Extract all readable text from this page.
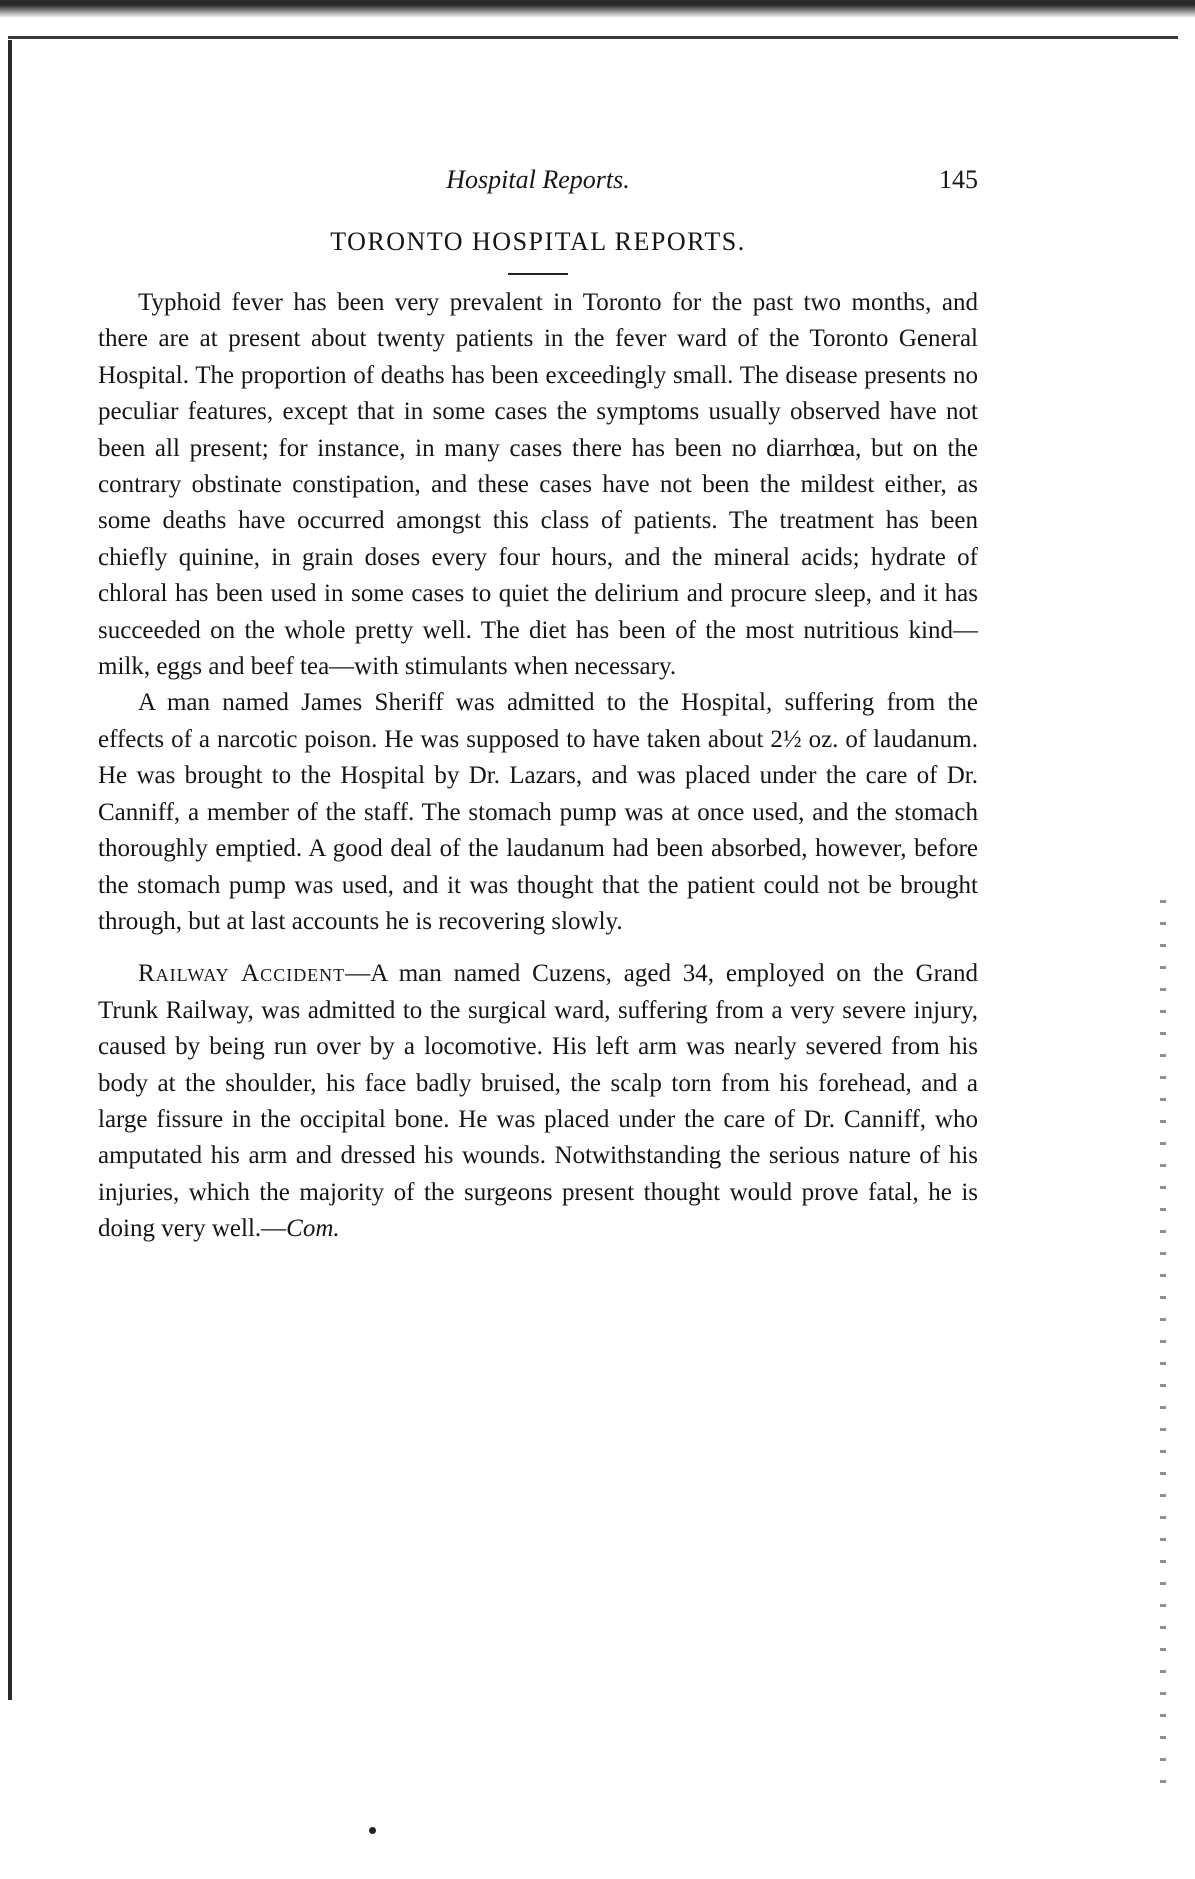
Hospital Reports.	145
TORONTO HOSPITAL REPORTS.

Typhoid fever has been very prevalent in Toronto for the past two months, and there are at present about twenty patients in the fever ward of the Toronto General Hospital. The proportion of deaths has been exceedingly small. The disease presents no peculiar features, except that in some cases the symptoms usually observed have not been all present; for instance, in many cases there has been no diarrhœa, but on the contrary obstinate constipation, and these cases have not been the mildest either, as some deaths have occurred amongst this class of patients. The treatment has been chiefly quinine, in grain doses every four hours, and the mineral acids; hydrate of chloral has been used in some cases to quiet the delirium and procure sleep, and it has succeeded on the whole pretty well. The diet has been of the most nutritious kind—milk, eggs and beef tea—with stimulants when necessary.

A man named James Sheriff was admitted to the Hospital, suffering from the effects of a narcotic poison. He was supposed to have taken about 2½ oz. of laudanum. He was brought to the Hospital by Dr. Lazars, and was placed under the care of Dr. Canniff, a member of the staff. The stomach pump was at once used, and the stomach thoroughly emptied. A good deal of the laudanum had been absorbed, however, before the stomach pump was used, and it was thought that the patient could not be brought through, but at last accounts he is recovering slowly.

Railway Accident—A man named Cuzens, aged 34, employed on the Grand Trunk Railway, was admitted to the surgical ward, suffering from a very severe injury, caused by being run over by a locomotive. His left arm was nearly severed from his body at the shoulder, his face badly bruised, the scalp torn from his forehead, and a large fissure in the occipital bone. He was placed under the care of Dr. Canniff, who amputated his arm and dressed his wounds. Notwithstanding the serious nature of his injuries, which the majority of the surgeons present thought would prove fatal, he is doing very well.—Com.
